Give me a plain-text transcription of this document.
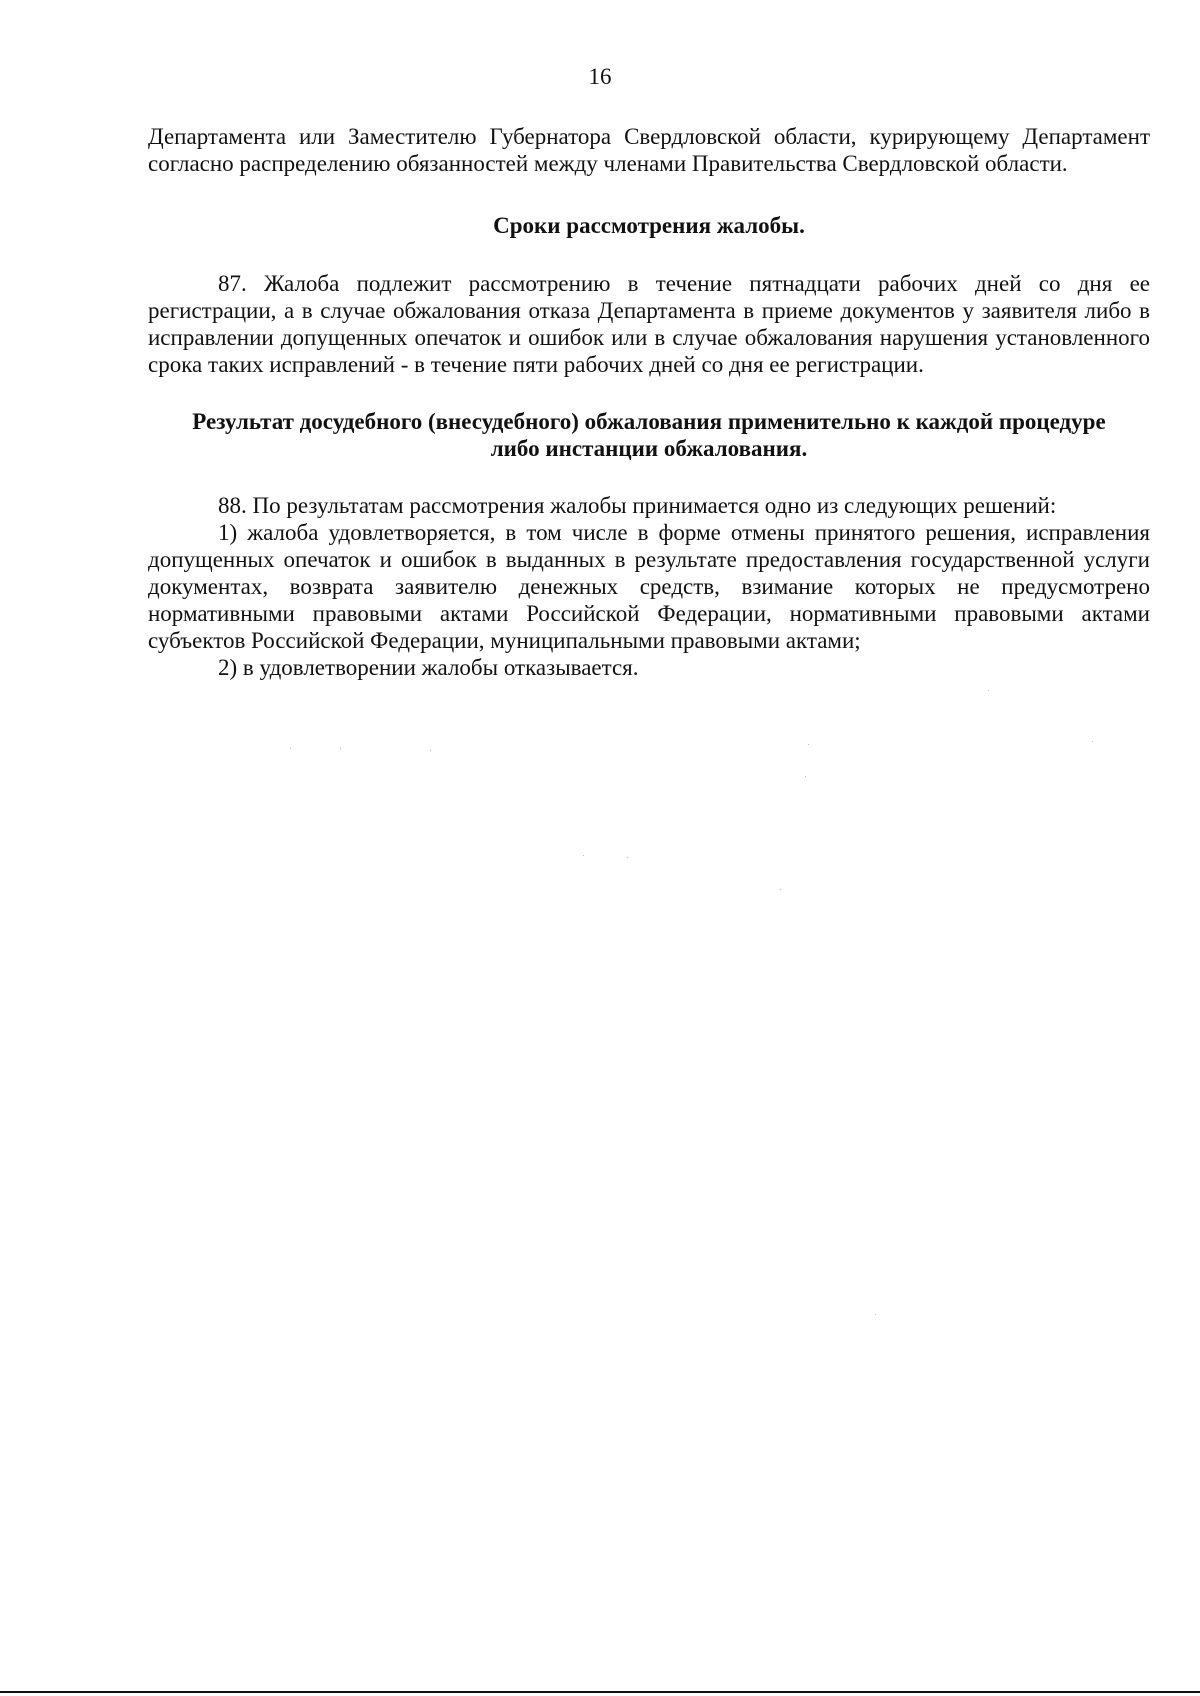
16

Департамента или Заместителю Губернатора Свердловской области, курирующему Департамент согласно распределению обязанностей между членами Правительства Свердловской области.

Сроки рассмотрения жалобы.

87. Жалоба подлежит рассмотрению в течение пятнадцати рабочих дней со дня ее регистрации, а в случае обжалования отказа Департамента в приеме документов у заявителя либо в исправлении допущенных опечаток и ошибок или в случае обжалования нарушения установленного срока таких исправлений - в течение пяти рабочих дней со дня ее регистрации.

Результат досудебного (внесудебного) обжалования применительно к каждой процедуре

либо инстанции обжалования.

88. По результатам рассмотрения жалобы принимается одно из следующих решений:

1) жалоба удовлетворяется, в том числе в форме отмены принятого решения, исправления допущенных опечаток и ошибок в выданных в результате предоставления государственной услуги документах, возврата заявителю денежных средств, взимание которых не предусмотрено нормативными правовыми актами Российской Федерации, нормативными правовыми актами субъектов Российской Федерации, муниципальными правовыми актами;

2) в удовлетворении жалобы отказывается.
